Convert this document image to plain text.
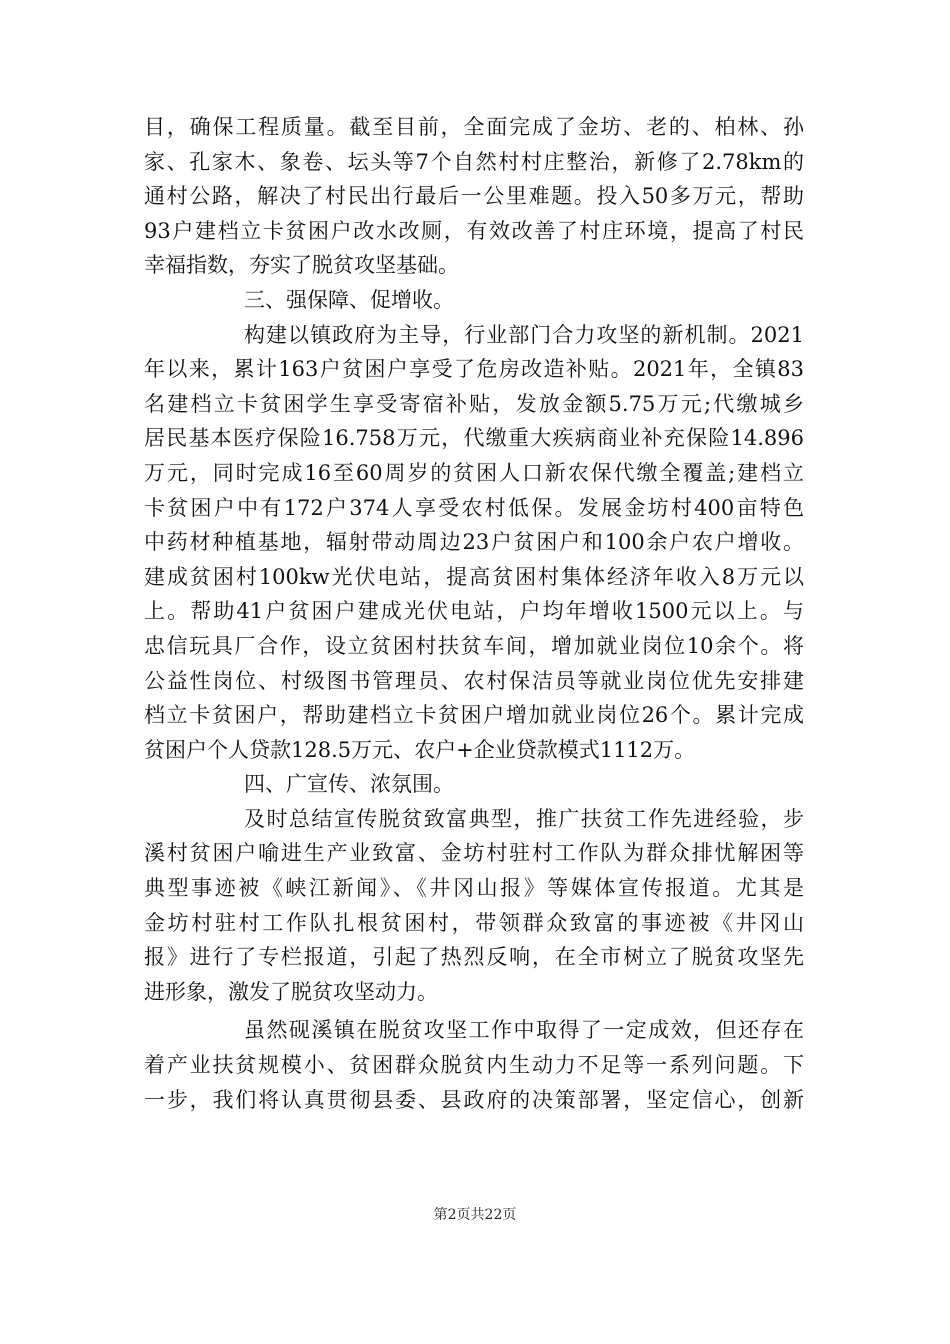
目，确保工程质量。截至目前，全面完成了金坊、老的、柏林、孙
家、孔家木、象卷、坛头等7个自然村村庄整治，新修了2.78km的
通村公路，解决了村民出行最后一公里难题。投入50多万元，帮助
93户建档立卡贫困户改水改厕，有效改善了村庄环境，提高了村民
幸福指数，夯实了脱贫攻坚基础。
三、强保障、促增收。
构建以镇政府为主导，行业部门合力攻坚的新机制。2021
年以来，累计163户贫困户享受了危房改造补贴。2021年，全镇83
名建档立卡贫困学生享受寄宿补贴，发放金额5.75万元;代缴城乡
居民基本医疗保险16.758万元，代缴重大疾病商业补充保险14.896
万元，同时完成16至60周岁的贫困人口新农保代缴全覆盖;建档立
卡贫困户中有172户374人享受农村低保。发展金坊村400亩特色
中药材种植基地，辐射带动周边23户贫困户和100余户农户增收。
建成贫困村100kw光伏电站，提高贫困村集体经济年收入8万元以
上。帮助41户贫困户建成光伏电站，户均年增收1500元以上。与
忠信玩具厂合作，设立贫困村扶贫车间，增加就业岗位10余个。将
公益性岗位、村级图书管理员、农村保洁员等就业岗位优先安排建
档立卡贫困户，帮助建档立卡贫困户增加就业岗位26个。累计完成
贫困户个人贷款128.5万元、农户+企业贷款模式1112万。
四、广宣传、浓氛围。
及时总结宣传脱贫致富典型，推广扶贫工作先进经验，步
溪村贫困户喻进生产业致富、金坊村驻村工作队为群众排忧解困等
典型事迹被《峡江新闻》、《井冈山报》等媒体宣传报道。尤其是
金坊村驻村工作队扎根贫困村，带领群众致富的事迹被《井冈山
报》进行了专栏报道，引起了热烈反响，在全市树立了脱贫攻坚先
进形象，激发了脱贫攻坚动力。
虽然砚溪镇在脱贫攻坚工作中取得了一定成效，但还存在
着产业扶贫规模小、贫困群众脱贫内生动力不足等一系列问题。下
一步，我们将认真贯彻县委、县政府的决策部署，坚定信心，创新
第2页共22页
